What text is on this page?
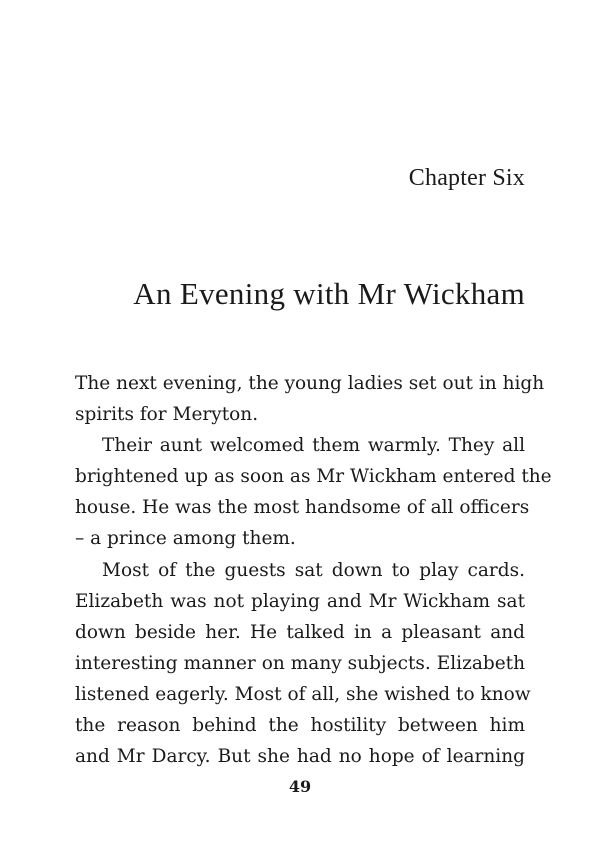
Chapter Six
An Evening with Mr Wickham
The next evening, the young ladies set out in high
spirits for Meryton.
Their aunt welcomed them warmly. They all
brightened up as soon as Mr Wickham entered the
house. He was the most handsome of all officers
– a prince among them.
Most of the guests sat down to play cards.
Elizabeth was not playing and Mr Wickham sat
down beside her. He talked in a pleasant and
interesting manner on many subjects. Elizabeth
listened eagerly. Most of all, she wished to know
the reason behind the hostility between him
and Mr Darcy. But she had no hope of learning
49
